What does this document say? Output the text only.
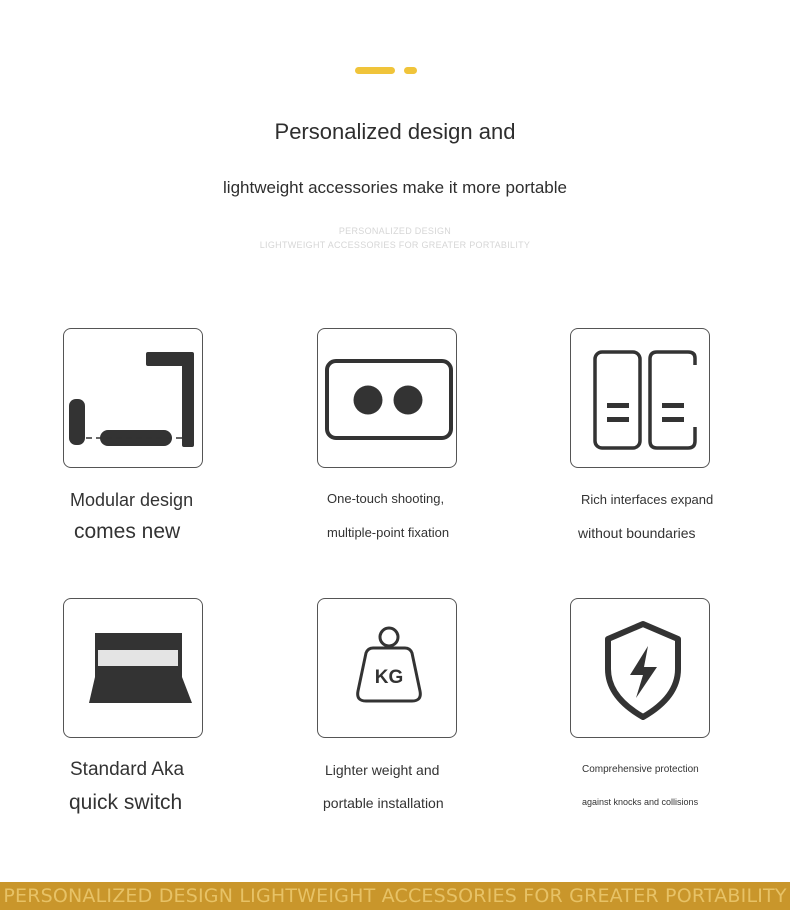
Personalized design and
lightweight accessories make it more portable
PERSONALIZED DESIGN
LIGHTWEIGHT ACCESSORIES FOR GREATER PORTABILITY
Modular design
comes new
One-touch shooting,
multiple-point fixation
Rich interfaces expand
without boundaries
KG
Standard Aka
quick switch
Lighter weight and
portable installation
Comprehensive protection
against knocks and collisions
PERSONALIZED DESIGN LIGHTWEIGHT ACCESSORIES FOR GREATER PORTABILITY
